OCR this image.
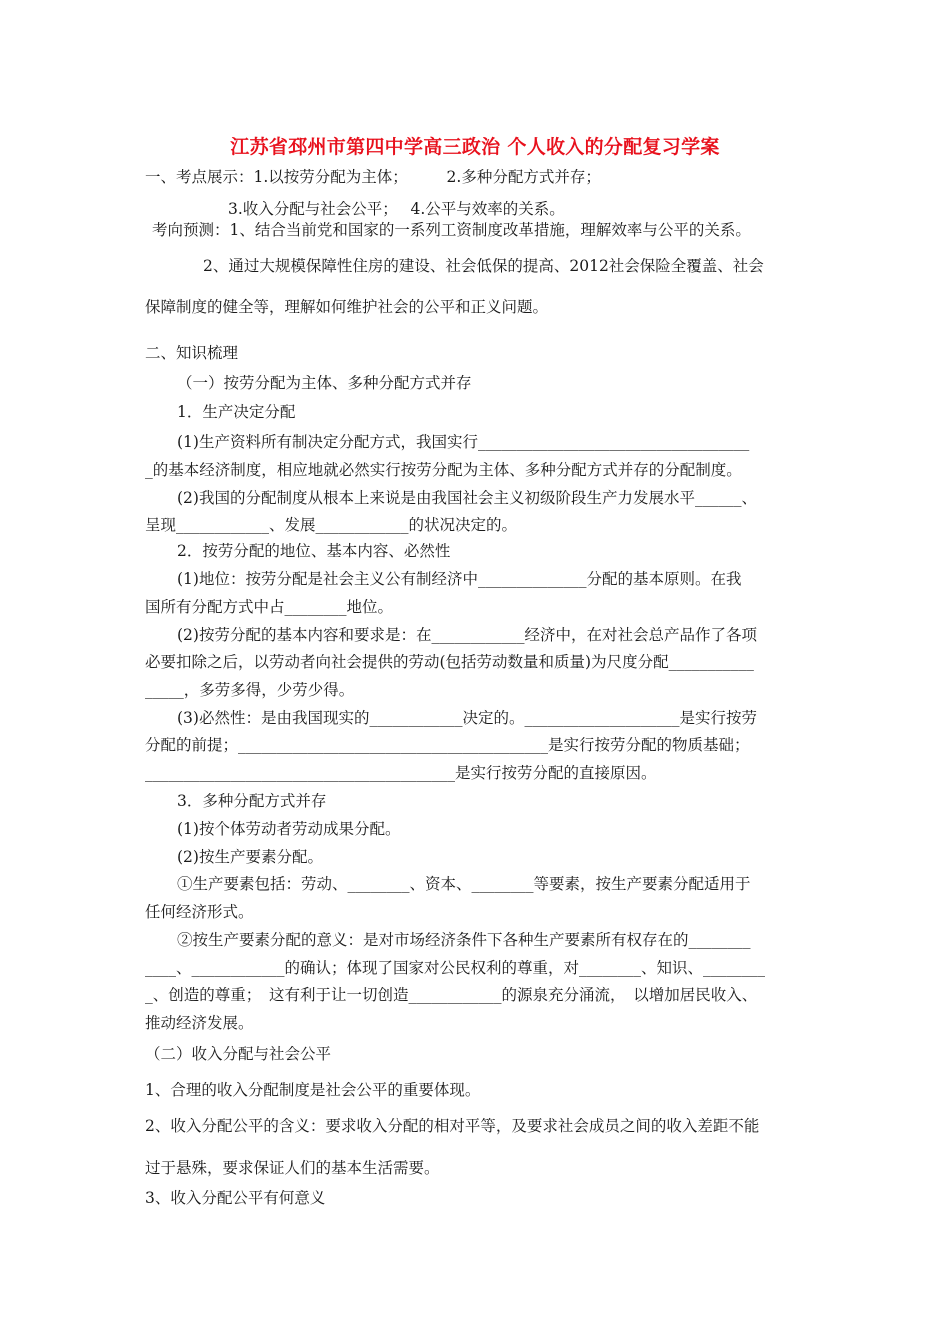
江苏省邳州市第四中学高三政治 个人收入的分配复习学案
一、考点展示：1.以按劳分配为主体；　　　2.多种分配方式并存；
3.收入分配与社会公平；　 4.公平与效率的关系。
考向预测：1、结合当前党和国家的一系列工资制度改革措施，理解效率与公平的关系。
2、通过大规模保障性住房的建设、社会低保的提高、2012社会保险全覆盖、社会
保障制度的健全等，理解如何维护社会的公平和正义问题。
二、知识梳理
（一）按劳分配为主体、多种分配方式并存
1．生产决定分配
(1)生产资料所有制决定分配方式，我国实行___________________________________
_的基本经济制度，相应地就必然实行按劳分配为主体、多种分配方式并存的分配制度。
(2)我国的分配制度从根本上来说是由我国社会主义初级阶段生产力发展水平______、
呈现____________、发展____________的状况决定的。
2．按劳分配的地位、基本内容、必然性
(1)地位：按劳分配是社会主义公有制经济中______________分配的基本原则。在我
国所有分配方式中占________地位。
(2)按劳分配的基本内容和要求是：在____________经济中，在对社会总产品作了各项
必要扣除之后，以劳动者向社会提供的劳动(包括劳动数量和质量)为尺度分配___________
_____，多劳多得，少劳少得。
(3)必然性：是由我国现实的____________决定的。____________________是实行按劳
分配的前提；________________________________________是实行按劳分配的物质基础；
________________________________________是实行按劳分配的直接原因。
3．多种分配方式并存
(1)按个体劳动者劳动成果分配。
(2)按生产要素分配。
①生产要素包括：劳动、________、资本、________等要素，按生产要素分配适用于
任何经济形式。
②按生产要素分配的意义：是对市场经济条件下各种生产要素所有权存在的________
____、____________的确认；体现了国家对公民权利的尊重，对________、知识、________
_、创造的尊重；　这有利于让一切创造____________的源泉充分涌流，　以增加居民收入、
推动经济发展。
（二）收入分配与社会公平
1、合理的收入分配制度是社会公平的重要体现。
2、收入分配公平的含义：要求收入分配的相对平等，及要求社会成员之间的收入差距不能
过于悬殊，要求保证人们的基本生活需要。
3、收入分配公平有何意义
